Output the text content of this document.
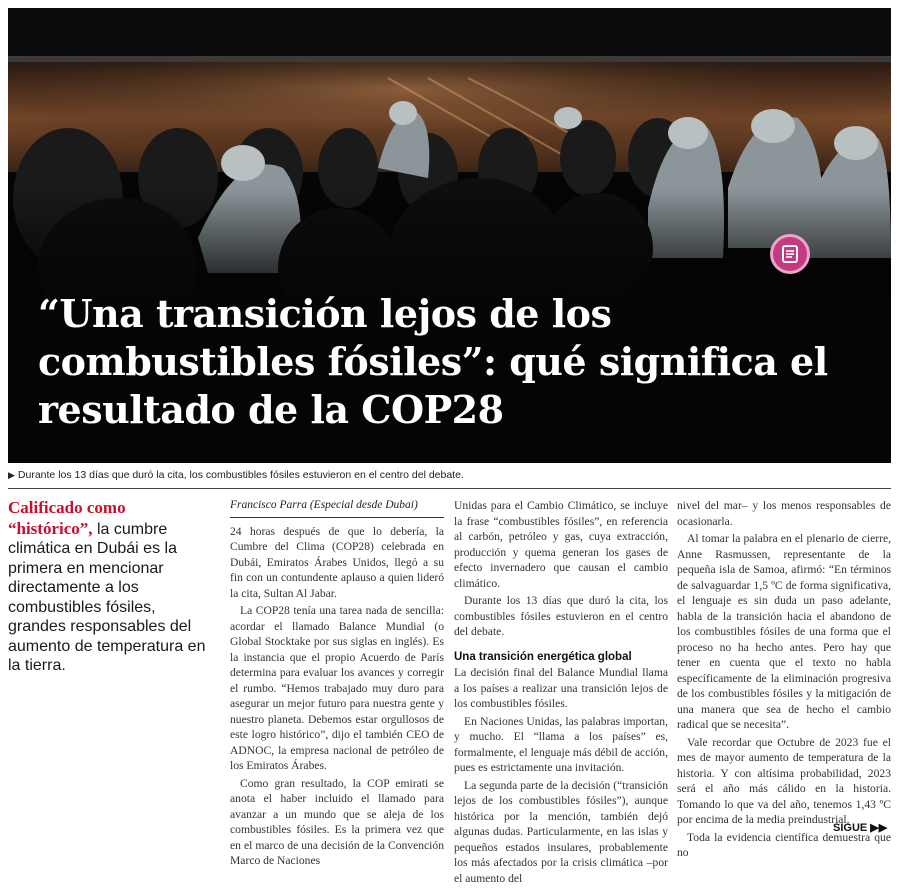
“Una transición lejos de los combustibles fósiles”: qué significa el resultado de la COP28
▶ Durante los 13 días que duró la cita, los combustibles fósiles estuvieron en el centro del debate.
Calificado como “histórico”, la cumbre climática en Dubái es la primera en mencionar directamente a los combustibles fósiles, grandes responsables del aumento de temperatura en la tierra.
Francisco Parra (Especial desde Dubai)

24 horas después de que lo debería, la Cumbre del Clima (COP28) celebrada en Dubái, Emiratos Árabes Unidos, llegó a su fin con un contundente aplauso a quien lideró la cita, Sultan Al Jabar.

La COP28 tenía una tarea nada de sencilla: acordar el llamado Balance Mundial (o Global Stocktake por sus siglas en inglés). Es la instancia que el propio Acuerdo de París determina para evaluar los avances y corregir el rumbo. “Hemos trabajado muy duro para asegurar un mejor futuro para nuestra gente y nuestro planeta. Debemos estar orgullosos de este logro histórico”, dijo el también CEO de ADNOC, la empresa nacional de petróleo de los Emiratos Árabes.

Como gran resultado, la COP emirati se anota el haber incluido el llamado para avanzar a un mundo que se aleja de los combustibles fósiles. Es la primera vez que en el marco de una decisión de la Convención Marco de Naciones

Unidas para el Cambio Climático, se incluye la frase “combustibles fósiles”, en referencia al carbón, petróleo y gas, cuya extracción, producción y quema generan los gases de efecto invernadero que causan el cambio climático.

Durante los 13 días que duró la cita, los combustibles fósiles estuvieron en el centro del debate.

Una transición energética global

La decisión final del Balance Mundial llama a los países a realizar una transición lejos de los combustibles fósiles.

En Naciones Unidas, las palabras importan, y mucho. El “llama a los países” es, formalmente, el lenguaje más débil de acción, pues es estrictamente una invitación.

La segunda parte de la decisión (“transición lejos de los combustibles fósiles”), aunque histórica por la mención, también dejó algunas dudas. Particularmente, en las islas y pequeños estados insulares, probablemente los más afectados por la crisis climática –por el aumento del

nivel del mar– y los menos responsables de ocasionarla.

Al tomar la palabra en el plenario de cierre, Anne Rasmussen, representante de la pequeña isla de Samoa, afirmó: “En términos de salvaguardar 1,5 ºC de forma significativa, el lenguaje es sin duda un paso adelante, habla de la transición hacia el abandono de los combustibles fósiles de una forma que el proceso no ha hecho antes. Pero hay que tener en cuenta que el texto no habla específicamente de la eliminación progresiva de los combustibles fósiles y la mitigación de una manera que sea de hecho el cambio radical que se necesita”.

Vale recordar que Octubre de 2023 fue el mes de mayor aumento de temperatura de la historia. Y con altísima probabilidad, 2023 será el año más cálido en la historia. Tomando lo que va del año, tenemos 1,43 ºC por encima de la media preindustrial.

Toda la evidencia científica demuestra que no

SIGUE ▶▶
